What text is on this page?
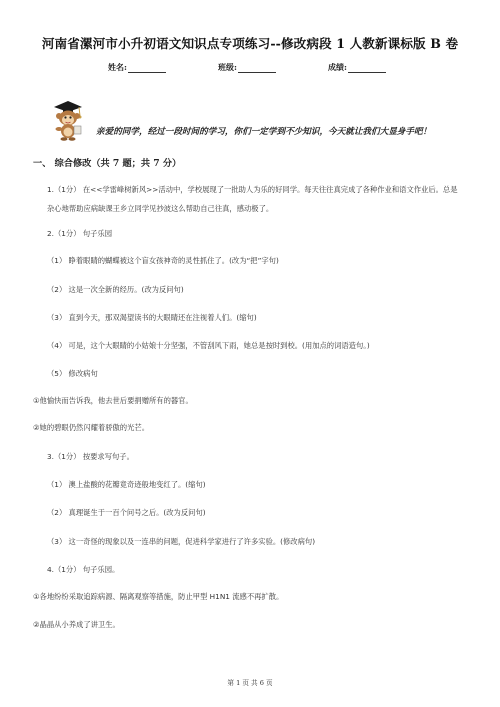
河南省漯河市小升初语文知识点专项练习--修改病段 1 人教新课标版 B 卷
姓名:	班级:	成绩:
亲爱的同学，经过一段时间的学习，你们一定学到不少知识，今天就让我们大显身手吧！
一、 综合修改（共 7 题；共 7 分）
1.（1分） 在<<学雷峰树新风>>活动中，学校展现了一批助人为乐的好同学。每天往往真完成了各种作业和语文作业后。总是杂心地帮助应病缺课王乡立同学见抄波这么帮助自己往真，感动极了。
2.（1分） 句子乐园
（1） 睁着眼睛的蝴蝶被这个盲女孩神奇的灵性抓住了。(改为“把”字句)
（2） 这是一次全新的经历。(改为反问句)
（3） 直到今天，那双渴望读书的大眼睛还在注视着人们。(缩句)
（4） 可是，这个大眼睛的小姑娘十分坚强，不管刮风下雨，她总是按时到校。(用加点的词语造句。)
（5） 修改病句
①他愉快而告诉我，他去世后要捐赠所有的器官。
②她的碧眼仍然闪耀着骄傲的光芒。
3.（1分） 按要求写句子。
（1） 澳上盐酸的花瓣竟奇迹般地变红了。(缩句)
（2） 真理诞生于一百个问号之后。(改为反问句)
（3） 这一奇怪的现象以及一连串的问题，促进科学家进行了许多实验。(修改病句)
4.（1分） 句子乐园。
①各地纷纷采取追踪病源、隔离观察等措施，防止甲型 H1N1 流感不再扩散。
②晶晶从小养成了讲卫生。
第 1 页 共 6 页
